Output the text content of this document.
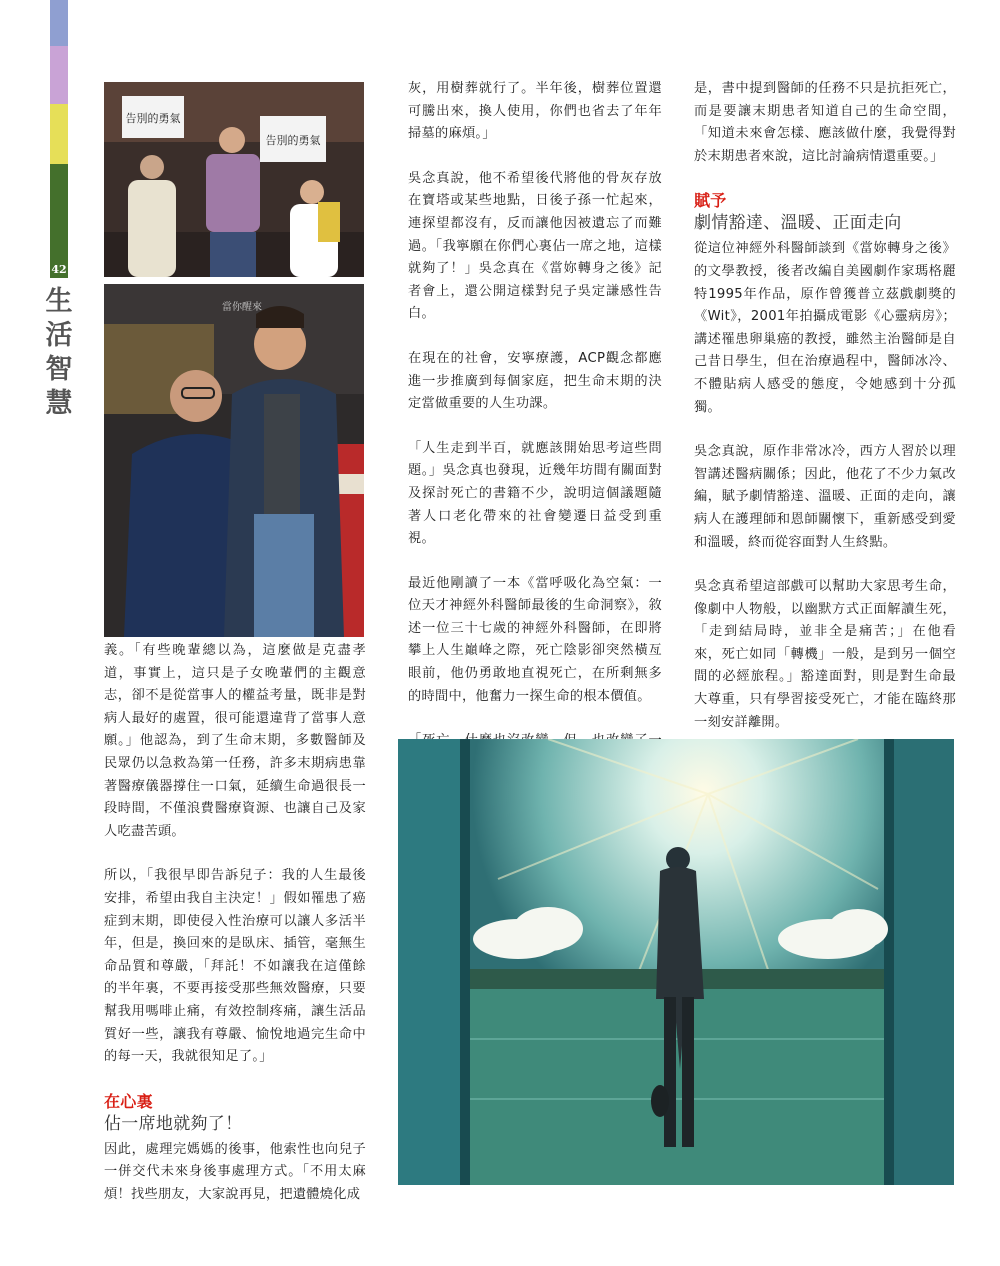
42
生
活
智
慧
告別的勇氣
告別的勇氣
當你醒來

義。「有些晚輩總以為，這麼做是克盡孝道，事實上，這只是子女晚輩們的主觀意志，卻不是從當事人的權益考量，既非是對病人最好的處置，很可能還違背了當事人意願。」他認為，到了生命末期，多數醫師及民眾仍以急救為第一任務，許多末期病患靠著醫療儀器撐住一口氣，延續生命過很長一段時間，不僅浪費醫療資源、也讓自己及家人吃盡苦頭。

所以，「我很早即告訴兒子：我的人生最後安排，希望由我自主決定！」假如罹患了癌症到末期，即使侵入性治療可以讓人多活半年，但是，換回來的是臥床、插管，毫無生命品質和尊嚴，「拜託！不如讓我在這僅餘的半年裏，不要再接受那些無效醫療，只要幫我用嗎啡止痛，有效控制疼痛，讓生活品質好一些，讓我有尊嚴、愉悅地過完生命中的每一天，我就很知足了。」

在心裏
佔一席地就夠了！

因此，處理完媽媽的後事，他索性也向兒子一併交代未來身後事處理方式。「不用太麻煩！找些朋友，大家說再見，把遺體燒化成

灰，用樹葬就行了。半年後，樹葬位置還可騰出來，換人使用，你們也省去了年年掃墓的麻煩。」

吳念真說，他不希望後代將他的骨灰存放在寶塔或某些地點，日後子孫一忙起來，連探望都沒有，反而讓他因被遺忘了而難過。「我寧願在你們心裏佔一席之地，這樣就夠了！」吳念真在《當妳轉身之後》記者會上，還公開這樣對兒子吳定謙感性告白。

在現在的社會，安寧療護，ACP觀念都應進一步推廣到每個家庭，把生命末期的決定當做重要的人生功課。

「人生走到半百，就應該開始思考這些問題。」吳念真也發現，近幾年坊間有關面對及探討死亡的書籍不少，說明這個議題隨著人口老化帶來的社會變遷日益受到重視。

最近他剛讀了一本《當呼吸化為空氣：一位天才神經外科醫師最後的生命洞察》，敘述一位三十七歲的神經外科醫師，在即將攀上人生巔峰之際，死亡陰影卻突然橫亙眼前，他仍勇敢地直視死亡，在所剩無多的時間中，他奮力一探生命的根本價值。

是，書中提到醫師的任務不只是抗拒死亡，而是要讓末期患者知道自己的生命空間，「知道未來會怎樣、應該做什麼，我覺得對於末期患者來說，這比討論病情還重要。」

賦予
劇情豁達、溫暖、正面走向

從這位神經外科醫師談到《當妳轉身之後》的文學教授，後者改編自美國劇作家瑪格麗特1995年作品，原作曾獲普立茲戲劇獎的《Wit》，2001年拍攝成電影《心靈病房》；講述罹患卵巢癌的教授，雖然主治醫師是自己昔日學生，但在治療過程中，醫師冰冷、不體貼病人感受的態度，令她感到十分孤獨。

吳念真說，原作非常冰冷，西方人習於以理智講述醫病關係；因此，他花了不少力氣改編，賦予劇情豁達、溫暖、正面的走向，讓病人在護理師和恩師關懷下，重新感受到愛和溫暖，終而從容面對人生終點。

吳念真希望這部戲可以幫助大家思考生命，像劇中人物般，以幽默方式正面解讀生死，「走到結局時，並非全是痛苦；」在他看來，死亡如同「轉機」一般，是到另一個空間的必經旅程。」豁達面對，則是對生命最大尊重，只有學習接受死亡，才能在臨終那一刻安詳離開。
